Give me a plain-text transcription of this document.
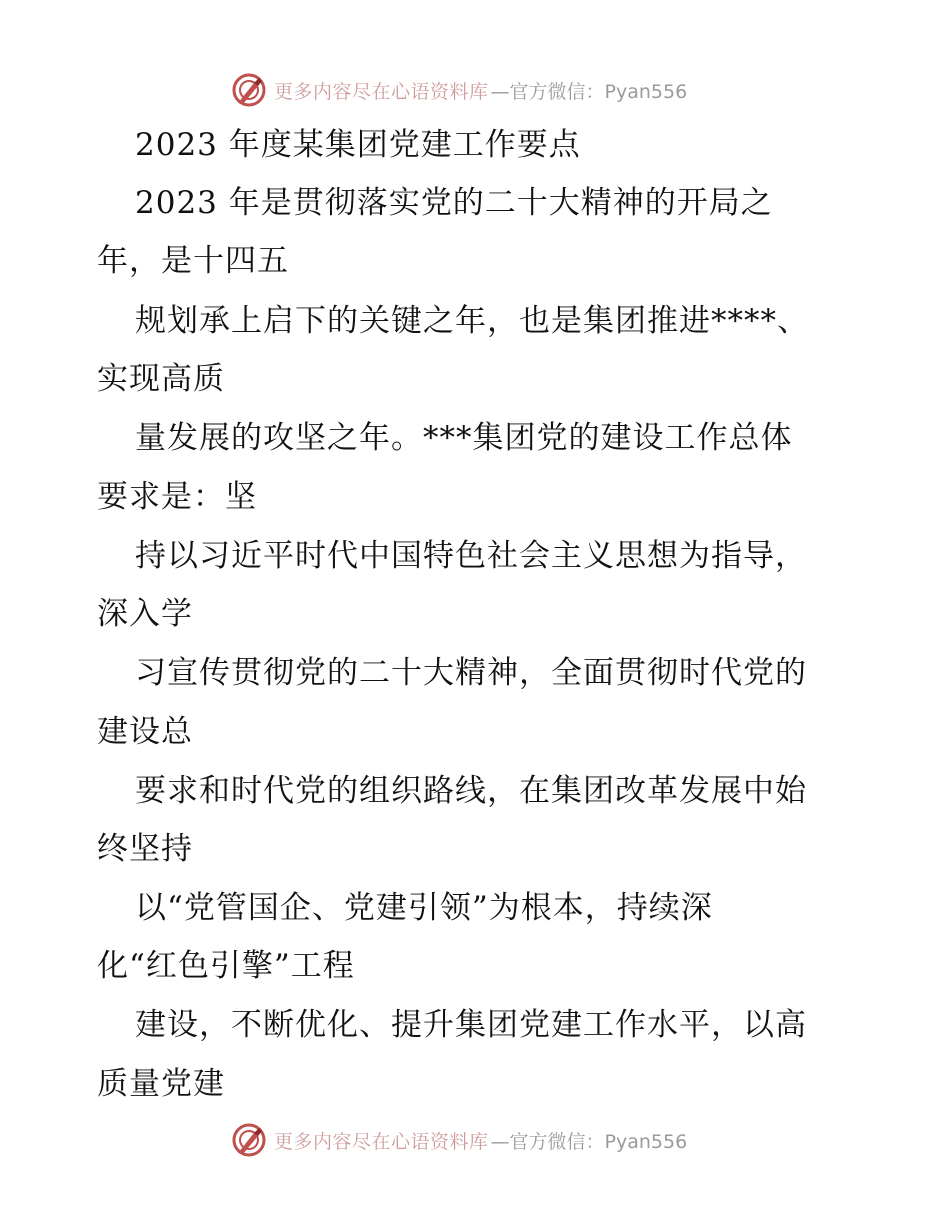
更多内容尽在心语资料库 —官方微信：Pyan556
2023 年度某集团党建工作要点
2023 年是贯彻落实党的二十大精神的开局之
年，是十四五
规划承上启下的关键之年，也是集团推进****、
实现高质
量发展的攻坚之年。***集团党的建设工作总体
要求是：坚
持以习近平时代中国特色社会主义思想为指导，
深入学
习宣传贯彻党的二十大精神，全面贯彻时代党的
建设总
要求和时代党的组织路线，在集团改革发展中始
终坚持
以“党管国企、党建引领”为根本，持续深
化“红色引擎”工程
建设，不断优化、提升集团党建工作水平，以高
质量党建
更多内容尽在心语资料库 —官方微信：Pyan556
